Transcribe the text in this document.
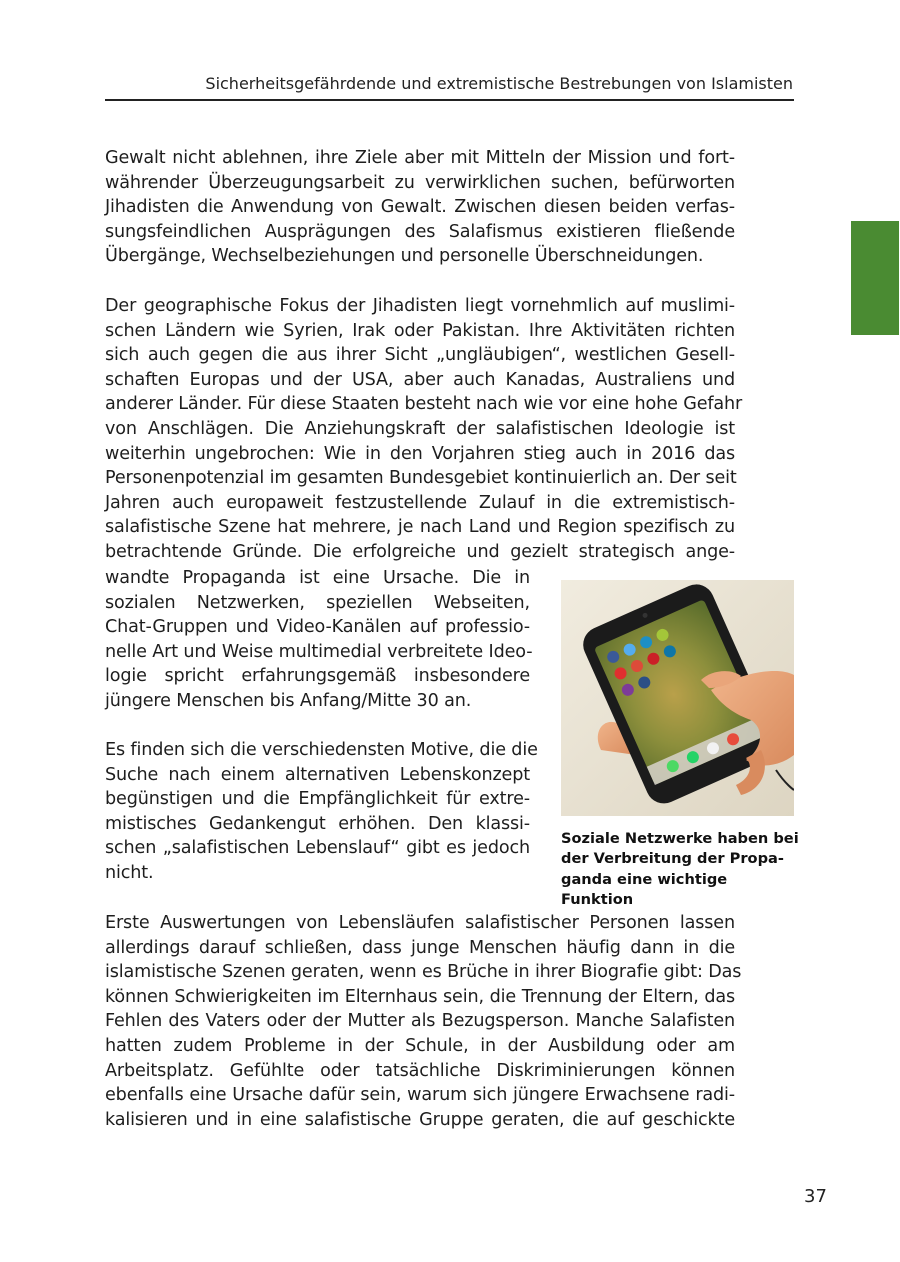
Sicherheitsgefährdende und extremistische Bestrebungen von Islamisten

Gewalt nicht ablehnen, ihre Ziele aber mit Mitteln der Mission und fort-
währender Überzeugungsarbeit zu verwirklichen suchen, befürworten
Jihadisten die Anwendung von Gewalt. Zwischen diesen beiden verfas-
sungsfeindlichen Ausprägungen des Salafismus existieren fließende
Übergänge, Wechselbeziehungen und personelle Überschneidungen.

Der geographische Fokus der Jihadisten liegt vornehmlich auf muslimi-
schen Ländern wie Syrien, Irak oder Pakistan. Ihre Aktivitäten richten
sich auch gegen die aus ihrer Sicht „ungläubigen“, westlichen Gesell-
schaften Europas und der USA, aber auch Kanadas, Australiens und
anderer Länder. Für diese Staaten besteht nach wie vor eine hohe Gefahr
von Anschlägen. Die Anziehungskraft der salafistischen Ideologie ist
weiterhin ungebrochen: Wie in den Vorjahren stieg auch in 2016 das
Personenpotenzial im gesamten Bundesgebiet kontinuierlich an. Der seit
Jahren auch europaweit festzustellende Zulauf in die extremistisch-
salafistische Szene hat mehrere, je nach Land und Region spezifisch zu
betrachtende Gründe. Die erfolgreiche und gezielt strategisch ange-

wandte Propaganda ist eine Ursache. Die in
sozialen Netzwerken, speziellen Webseiten,
Chat-Gruppen und Video-Kanälen auf professio-
nelle Art und Weise multimedial verbreitete Ideo-
logie spricht erfahrungsgemäß insbesondere
jüngere Menschen bis Anfang/Mitte 30 an.

Es finden sich die verschiedensten Motive, die die
Suche nach einem alternativen Lebenskonzept
begünstigen und die Empfänglichkeit für extre-
mistisches Gedankengut erhöhen. Den klassi-
schen „salafistischen Lebenslauf“ gibt es jedoch
nicht.

Soziale Netzwerke haben bei
der Verbreitung der Propa-
ganda eine wichtige Funktion

Erste Auswertungen von Lebensläufen salafistischer Personen lassen
allerdings darauf schließen, dass junge Menschen häufig dann in die
islamistische Szenen geraten, wenn es Brüche in ihrer Biografie gibt: Das
können Schwierigkeiten im Elternhaus sein, die Trennung der Eltern, das
Fehlen des Vaters oder der Mutter als Bezugsperson. Manche Salafisten
hatten zudem Probleme in der Schule, in der Ausbildung oder am
Arbeitsplatz. Gefühlte oder tatsächliche Diskriminierungen können
ebenfalls eine Ursache dafür sein, warum sich jüngere Erwachsene radi-
kalisieren und in eine salafistische Gruppe geraten, die auf geschickte

37
